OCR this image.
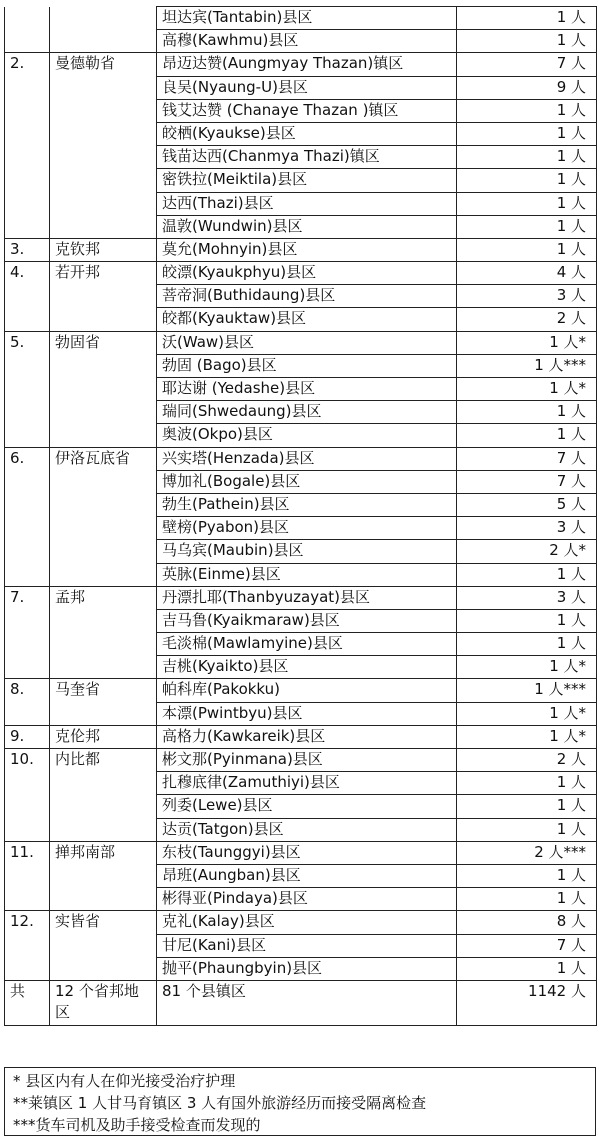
		坦达宾(Tantabin)县区	1 人
		高穆(Kawhmu)县区	1 人
2.	曼德勒省	昂迈达赞(Aungmyay Thazan)镇区	7 人
		良吴(Nyaung-U)县区	9 人
		钱艾达赞 (Chanaye Thazan )镇区	1 人
		皎栖(Kyaukse)县区	1 人
		钱苗达西(Chanmya Thazi)镇区	1 人
		密铁拉(Meiktila)县区	1 人
		达西(Thazi)县区	1 人
		温敦(Wundwin)县区	1 人
3.	克钦邦	莫允(Mohnyin)县区	1 人
4.	若开邦	皎漂(Kyaukphyu)县区	4 人
		菩帝洞(Buthidaung)县区	3 人
		皎都(Kyauktaw)县区	2 人
5.	勃固省	沃(Waw)县区	1 人*
		勃固 (Bago)县区	1 人***
		耶达谢 (Yedashe)县区	1 人*
		瑞同(Shwedaung)县区	1 人
		奥波(Okpo)县区	1 人
6.	伊洛瓦底省	兴实塔(Henzada)县区	7 人
		博加礼(Bogale)县区	7 人
		勃生(Pathein)县区	5 人
		壁榜(Pyabon)县区	3 人
		马乌宾(Maubin)县区	2 人*
		英脉(Einme)县区	1 人
7.	孟邦	丹漂扎耶(Thanbyuzayat)县区	3 人
		吉马鲁(Kyaikmaraw)县区	1 人
		毛淡棉(Mawlamyine)县区	1 人
		吉桃(Kyaikto)县区	1 人*
8.	马奎省	帕科库(Pakokku)	1 人***
		本漂(Pwintbyu)县区	1 人*
9.	克伦邦	高格力(Kawkareik)县区	1 人*
10.	内比都	彬文那(Pyinmana)县区	2 人
		扎穆底律(Zamuthiyi)县区	1 人
		列委(Lewe)县区	1 人
		达贡(Tatgon)县区	1 人
11.	掸邦南部	东枝(Taunggyi)县区	2 人***
		昂班(Aungban)县区	1 人
		彬得亚(Pindaya)县区	1 人
12.	实皆省	克礼(Kalay)县区	8 人
		甘尼(Kani)县区	7 人
		抛平(Phaungbyin)县区	1 人
共	12 个省邦地区	81 个县镇区	1142 人
* 县区内有人在仰光接受治疗护理
**莱镇区 1 人甘马育镇区 3 人有国外旅游经历而接受隔离检查
***货车司机及助手接受检查而发现的
